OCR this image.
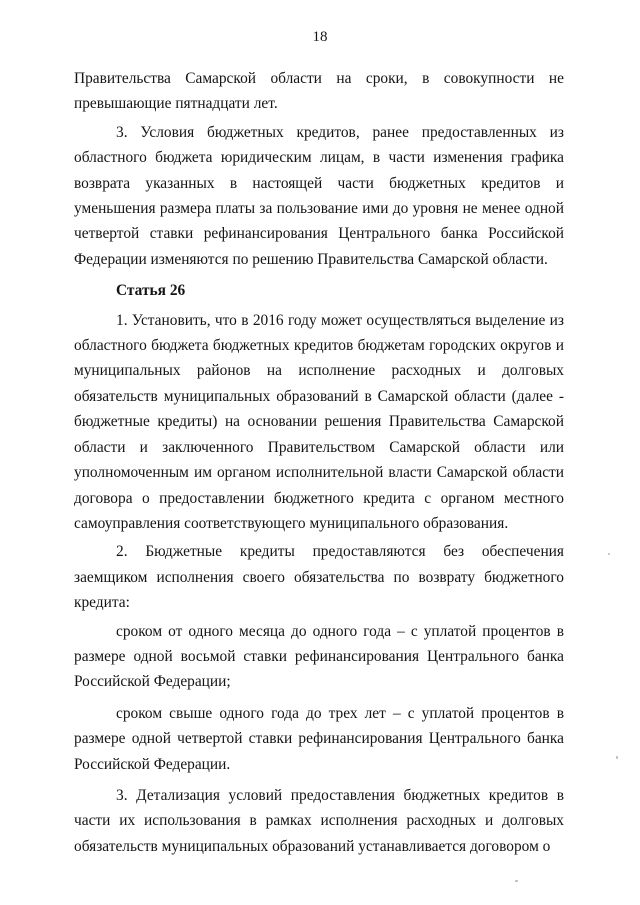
18

Правительства Самарской области на сроки, в совокупности не превышающие пятнадцати лет.

3. Условия бюджетных кредитов, ранее предоставленных из областного бюджета юридическим лицам, в части изменения графика возврата указанных в настоящей части бюджетных кредитов и уменьшения размера платы за пользование ими до уровня не менее одной четвертой ставки рефинансирования Центрального банка Российской Федерации изменяются по решению Правительства Самарской области.

Статья 26

1. Установить, что в 2016 году может осуществляться выделение из областного бюджета бюджетных кредитов бюджетам городских округов и муниципальных районов на исполнение расходных и долговых обязательств муниципальных образований в Самарской области (далее - бюджетные кредиты) на основании решения Правительства Самарской области и заключенного Правительством Самарской области или уполномоченным им органом исполнительной власти Самарской области договора о предоставлении бюджетного кредита с органом местного самоуправления соответствующего муниципального образования.

2. Бюджетные кредиты предоставляются без обеспечения заемщиком исполнения своего обязательства по возврату бюджетного кредита:

сроком от одного месяца до одного года – с уплатой процентов в размере одной восьмой ставки рефинансирования Центрального банка Российской Федерации;

сроком свыше одного года до трех лет – с уплатой процентов в размере одной четвертой ставки рефинансирования Центрального банка Российской Федерации.

3. Детализация условий предоставления бюджетных кредитов в части их использования в рамках исполнения расходных и долговых обязательств муниципальных образований устанавливается договором о
